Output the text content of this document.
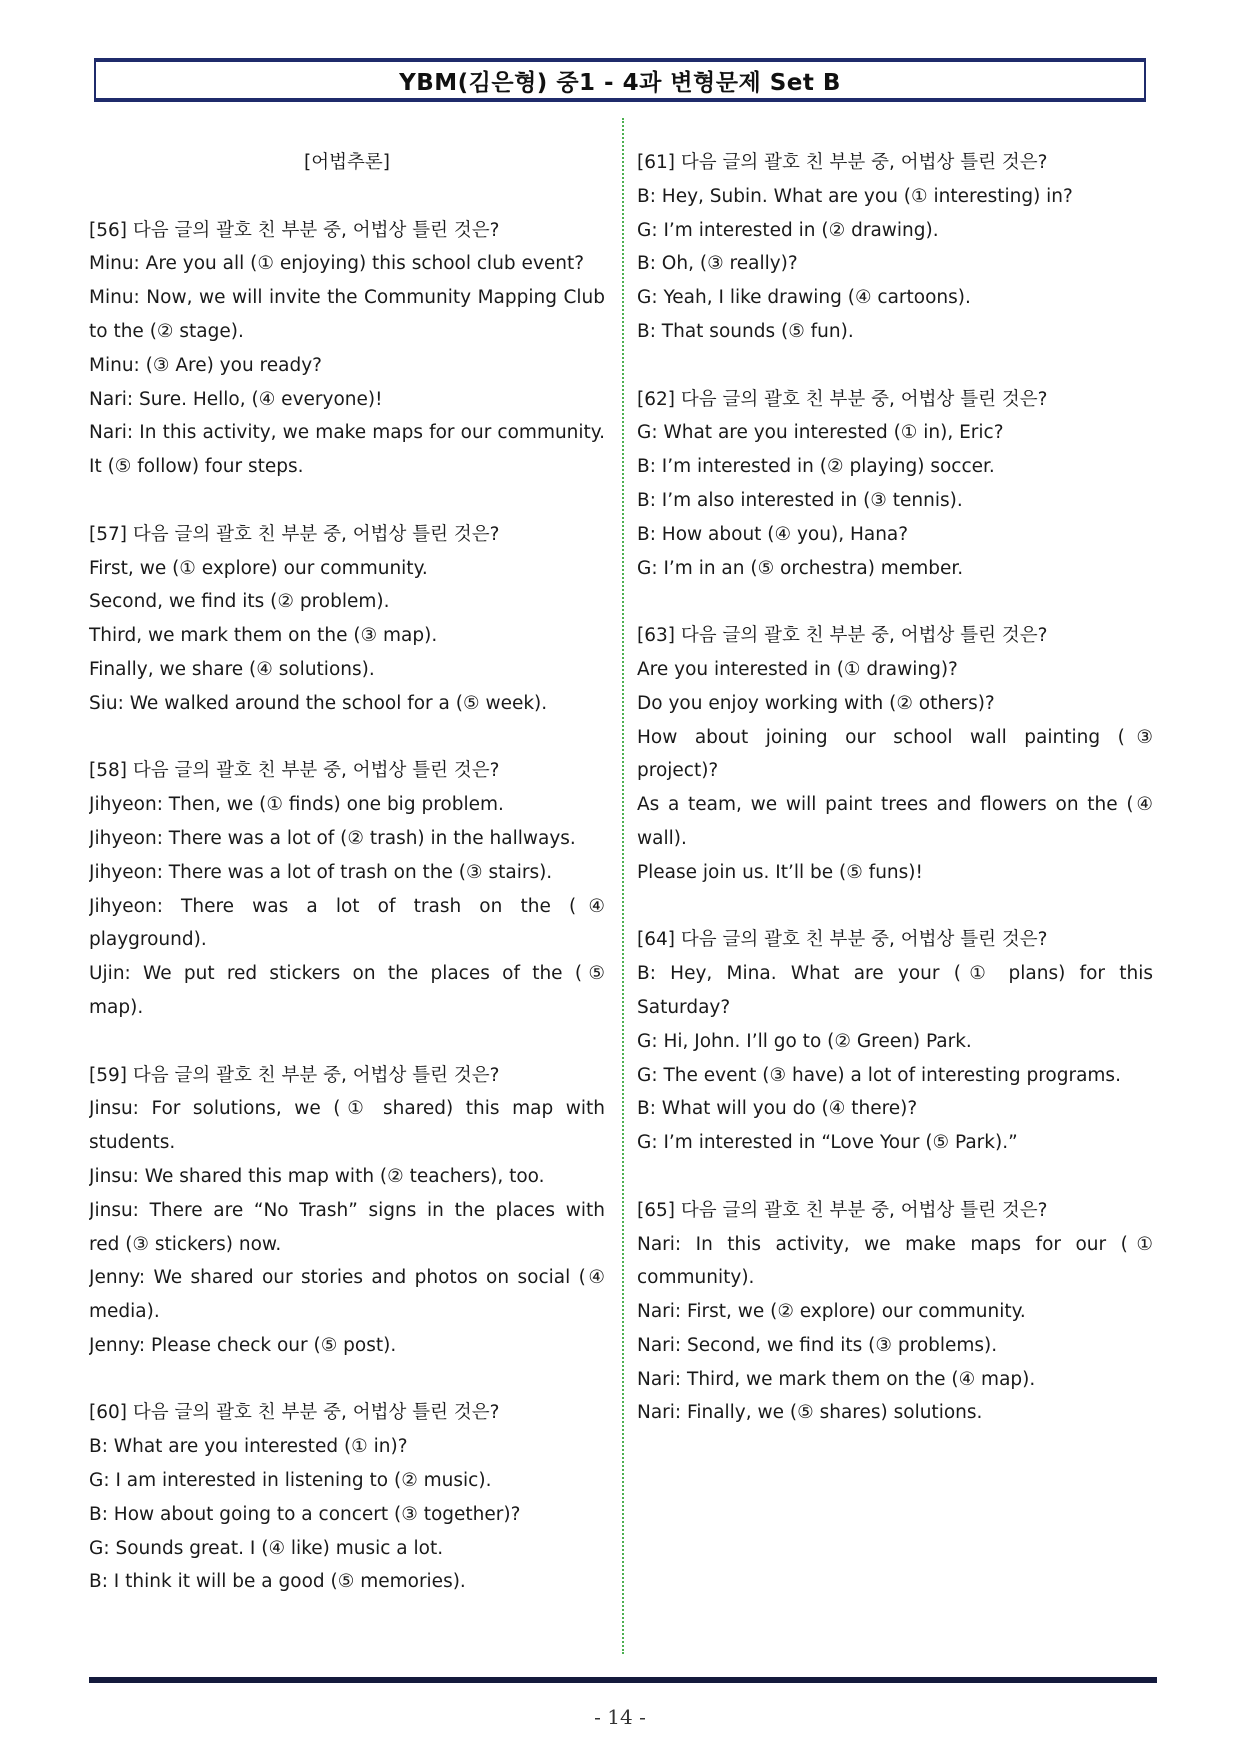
YBM(김은형) 중1 - 4과 변형문제 Set B
[어법추론]
[56] 다음 글의 괄호 친 부분 중, 어법상 틀린 것은?
Minu: Are you all (① enjoying) this school club event?
Minu: Now, we will invite the Community Mapping Club
to the (② stage).
Minu: (③ Are) you ready?
Nari: Sure. Hello, (④ everyone)!
Nari: In this activity, we make maps for our community.
It (⑤ follow) four steps.
[57] 다음 글의 괄호 친 부분 중, 어법상 틀린 것은?
First, we (① explore) our community.
Second, we find its (② problem).
Third, we mark them on the (③ map).
Finally, we share (④ solutions).
Siu: We walked around the school for a (⑤ week).
[58] 다음 글의 괄호 친 부분 중, 어법상 틀린 것은?
Jihyeon: Then, we (① finds) one big problem.
Jihyeon: There was a lot of (② trash) in the hallways.
Jihyeon: There was a lot of trash on the (③ stairs).
Jihyeon: There was a lot of trash on the (④
playground).
Ujin: We put red stickers on the places of the (⑤
map).
[59] 다음 글의 괄호 친 부분 중, 어법상 틀린 것은?
Jinsu: For solutions, we (① shared) this map with
students.
Jinsu: We shared this map with (② teachers), too.
Jinsu: There are “No Trash” signs in the places with
red (③ stickers) now.
Jenny: We shared our stories and photos on social (④
media).
Jenny: Please check our (⑤ post).
[60] 다음 글의 괄호 친 부분 중, 어법상 틀린 것은?
B: What are you interested (① in)?
G: I am interested in listening to (② music).
B: How about going to a concert (③ together)?
G: Sounds great. I (④ like) music a lot.
B: I think it will be a good (⑤ memories).
[61] 다음 글의 괄호 친 부분 중, 어법상 틀린 것은?
B: Hey, Subin. What are you (① interesting) in?
G: I’m interested in (② drawing).
B: Oh, (③ really)?
G: Yeah, I like drawing (④ cartoons).
B: That sounds (⑤ fun).
[62] 다음 글의 괄호 친 부분 중, 어법상 틀린 것은?
G: What are you interested (① in), Eric?
B: I’m interested in (② playing) soccer.
B: I’m also interested in (③ tennis).
B: How about (④ you), Hana?
G: I’m in an (⑤ orchestra) member.
[63] 다음 글의 괄호 친 부분 중, 어법상 틀린 것은?
Are you interested in (① drawing)?
Do you enjoy working with (② others)?
How about joining our school wall painting (③
project)?
As a team, we will paint trees and flowers on the (④
wall).
Please join us. It’ll be (⑤ funs)!
[64] 다음 글의 괄호 친 부분 중, 어법상 틀린 것은?
B: Hey, Mina. What are your (① plans) for this
Saturday?
G: Hi, John. I’ll go to (② Green) Park.
G: The event (③ have) a lot of interesting programs.
B: What will you do (④ there)?
G: I’m interested in “Love Your (⑤ Park).”
[65] 다음 글의 괄호 친 부분 중, 어법상 틀린 것은?
Nari: In this activity, we make maps for our (①
community).
Nari: First, we (② explore) our community.
Nari: Second, we find its (③ problems).
Nari: Third, we mark them on the (④ map).
Nari: Finally, we (⑤ shares) solutions.
- 14 -
